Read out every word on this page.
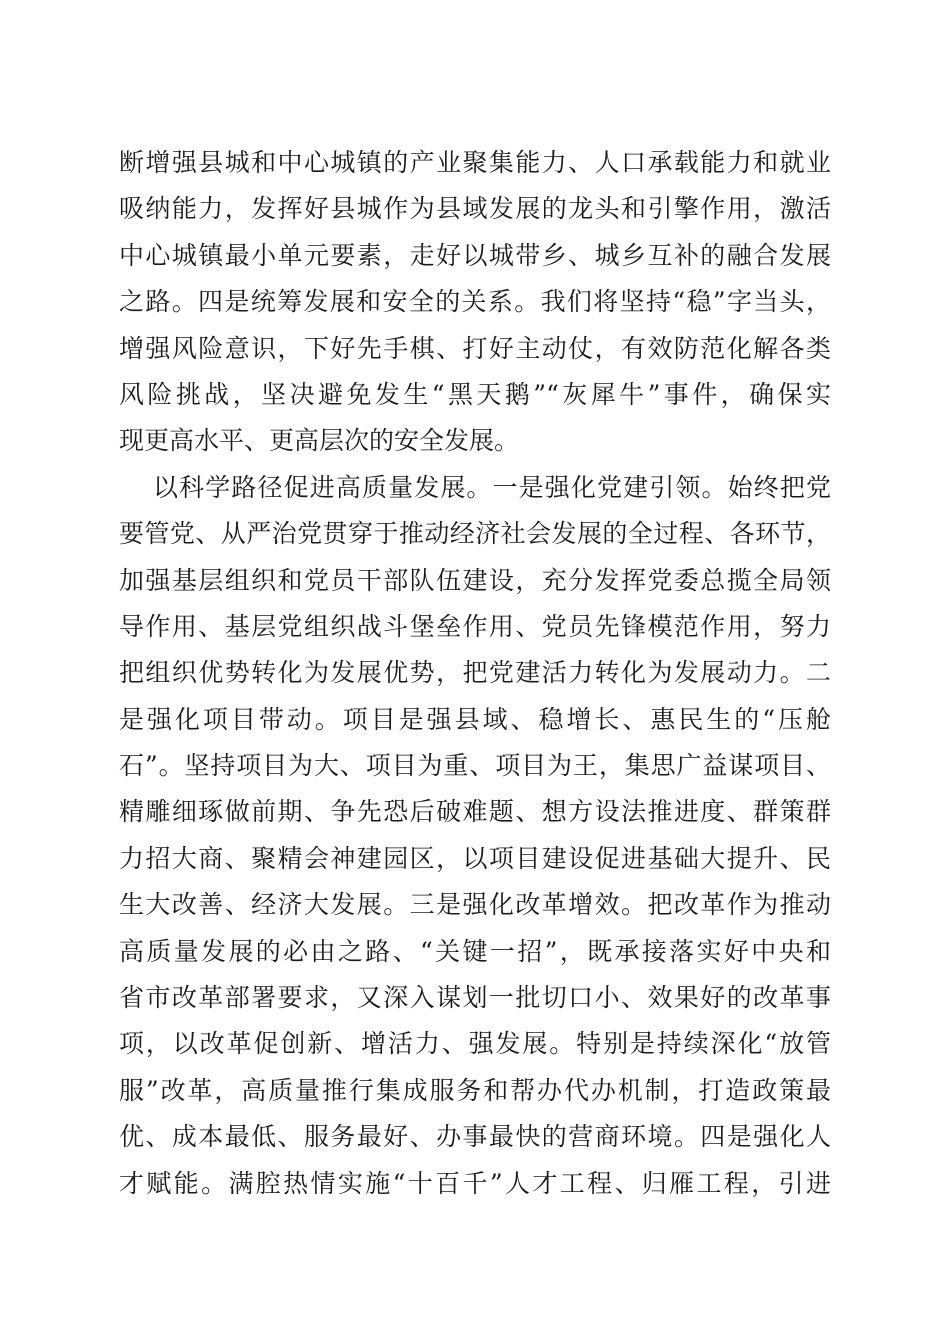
断增强县城和中心城镇的产业聚集能力、人口承载能力和就业
吸纳能力，发挥好县城作为县域发展的龙头和引擎作用，激活
中心城镇最小单元要素，走好以城带乡、城乡互补的融合发展
之路。四是统筹发展和安全的关系。我们将坚持“稳”字当头，
增强风险意识，下好先手棋、打好主动仗，有效防范化解各类
风险挑战，坚决避免发生“黑天鹅”“灰犀牛”事件，确保实
现更高水平、更高层次的安全发展。
以科学路径促进高质量发展。一是强化党建引领。始终把党
要管党、从严治党贯穿于推动经济社会发展的全过程、各环节，
加强基层组织和党员干部队伍建设，充分发挥党委总揽全局领
导作用、基层党组织战斗堡垒作用、党员先锋模范作用，努力
把组织优势转化为发展优势，把党建活力转化为发展动力。二
是强化项目带动。项目是强县域、稳增长、惠民生的“压舱
石”。坚持项目为大、项目为重、项目为王，集思广益谋项目、
精雕细琢做前期、争先恐后破难题、想方设法推进度、群策群
力招大商、聚精会神建园区，以项目建设促进基础大提升、民
生大改善、经济大发展。三是强化改革增效。把改革作为推动
高质量发展的必由之路、“关键一招”，既承接落实好中央和
省市改革部署要求，又深入谋划一批切口小、效果好的改革事
项，以改革促创新、增活力、强发展。特别是持续深化“放管
服”改革，高质量推行集成服务和帮办代办机制，打造政策最
优、成本最低、服务最好、办事最快的营商环境。四是强化人
才赋能。满腔热情实施“十百千”人才工程、归雁工程，引进
